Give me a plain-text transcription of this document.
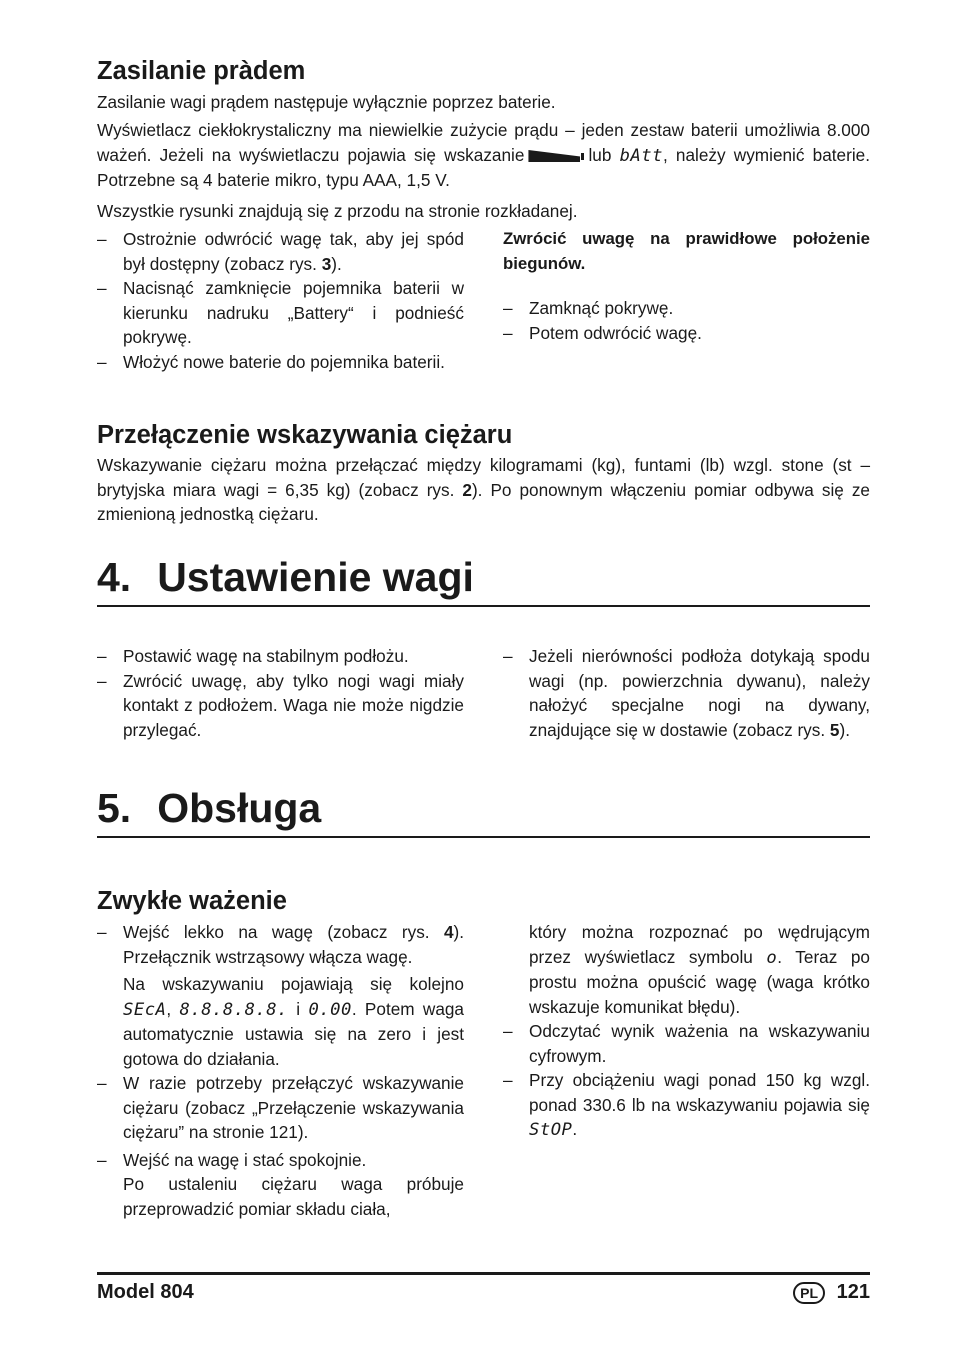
Zasilanie pràdem

Zasilanie wagi prądem następuje wyłącznie poprzez baterie.

Wyświetlacz ciekłokrystaliczny ma niewielkie zużycie prądu – jeden zestaw baterii umożliwia 8.000 ważeń. Jeżeli na wyświetlaczu pojawia się wskazanie	lub bAtt, należy wymienić baterie. Potrzebne są 4 baterie mikro, typu AAA, 1,5 V.

Wszystkie rysunki znajdują się z przodu na stronie rozkładanej.

– Ostrożnie odwrócić wagę tak, aby jej spód był dostępny (zobacz rys. 3).
– Nacisnąć zamknięcie pojemnika baterii w kierunku nadruku „Battery“ i podnieść pokrywę.
– Włożyć nowe baterie do pojemnika baterii.

Zwrócić uwagę na prawidłowe położenie biegunów.

– Zamknąć pokrywę.
– Potem odwrócić wagę.
Przełączenie wskazywania ciężaru

Wskazywanie ciężaru można przełączać między kilogramami (kg), funtami (lb) wzgl. stone (st – brytyjska miara wagi = 6,35 kg) (zobacz rys. 2). Po ponownym włączeniu pomiar odbywa się ze zmienioną jednostką ciężaru.

4. Ustawienie wagi
– Postawić wagę na stabilnym podłożu.
– Zwrócić uwagę, aby tylko nogi wagi miały kontakt z podłożem. Waga nie może nigdzie przylegać.
– Jeżeli nierówności podłoża dotykają spodu wagi (np. powierzchnia dywanu), należy nałożyć specjalne nogi na dywany, znajdujące się w dostawie (zobacz rys. 5).
5. Obsługa
Zwykłe ważenie
– Wejść lekko na wagę (zobacz rys. 4). Przełącznik wstrząsowy włącza wagę.
Na wskazywaniu pojawiają się kolejno SEcA, 8.8.8.8.8. i 0.00. Potem waga automatycznie ustawia się na zero i jest gotowa do działania.
– W razie potrzeby przełączyć wskazywanie ciężaru (zobacz „Przełączenie wskazywania ciężaru” na stronie 121).
– Wejść na wagę i stać spokojnie.
Po ustaleniu ciężaru waga próbuje przeprowadzić pomiar składu ciała,
który można rozpoznać po wędrującym przez wyświetlacz symbolu o. Teraz po prostu można opuścić wagę (waga krótko wskazuje komunikat błędu).
– Odczytać wynik ważenia na wskazywaniu cyfrowym.
– Przy obciążeniu wagi ponad 150 kg wzgl. ponad 330.6 lb na wskazywaniu pojawia się StOP.
Model 804	PL 121
